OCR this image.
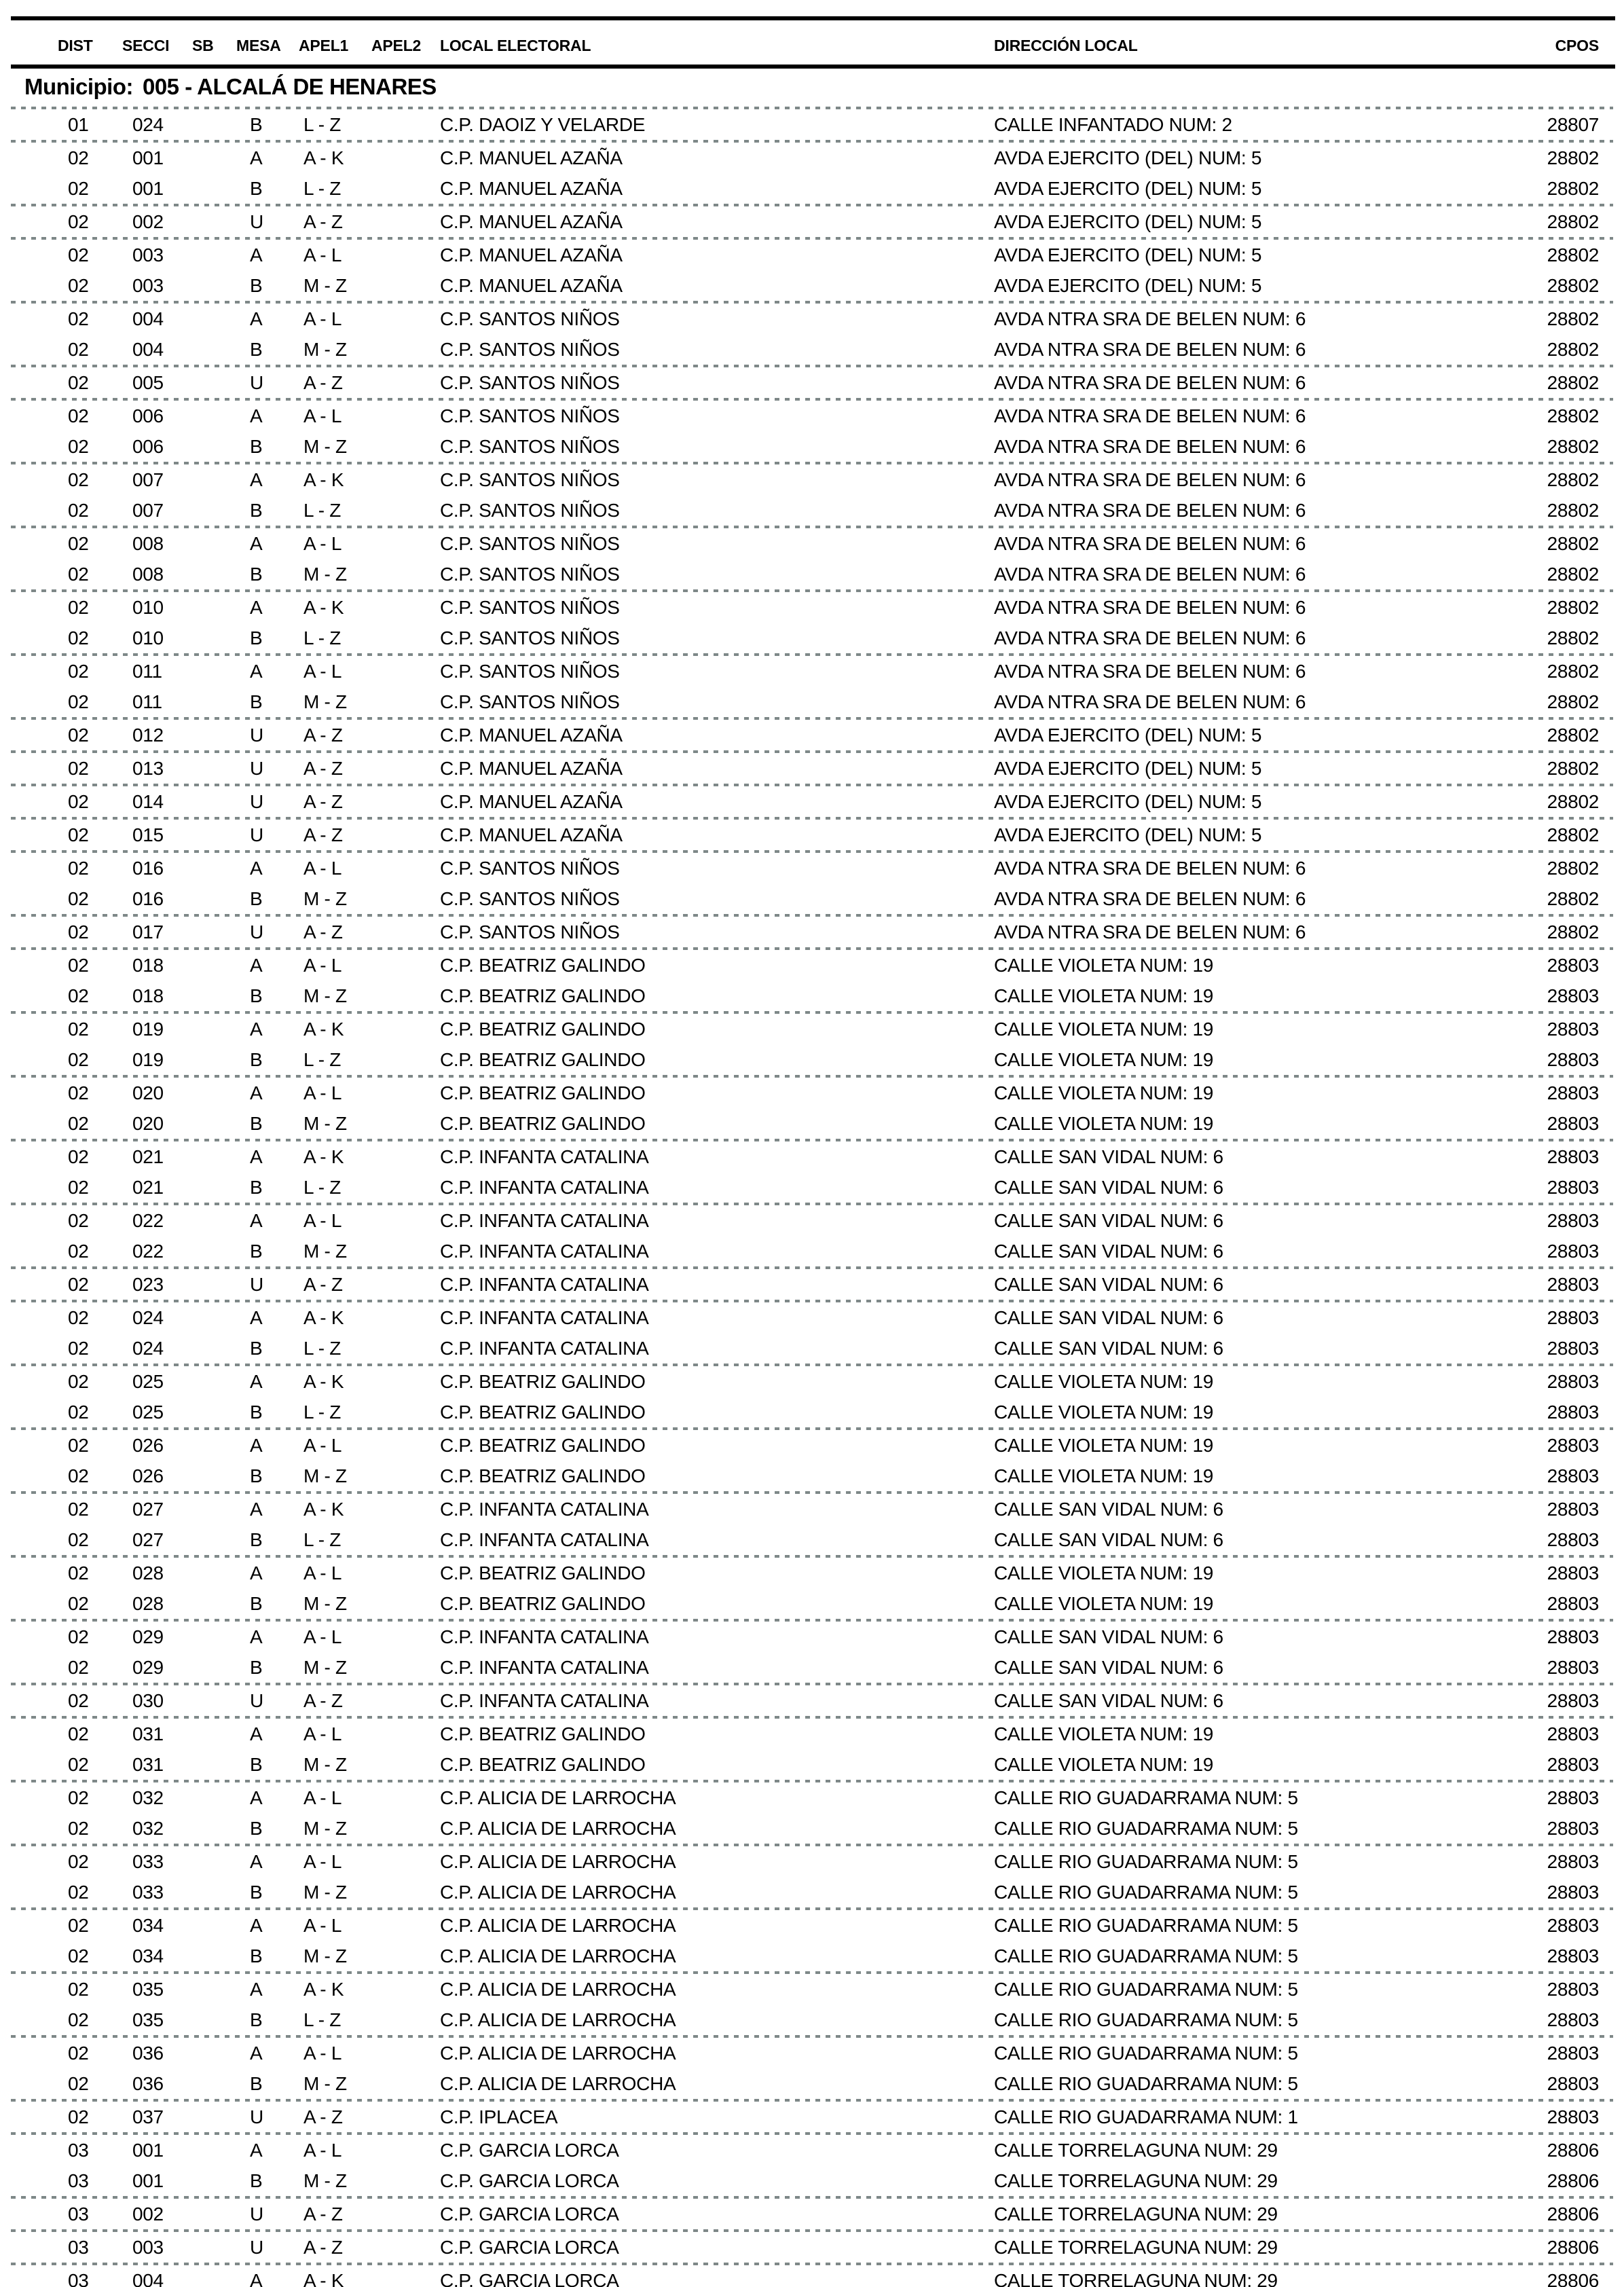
DIST SECCI SB MESA APEL1 APEL2 LOCAL ELECTORAL	DIRECCIÓN LOCAL	CPOS
Municipio: 005 - ALCALÁ DE HENARES
01	024	B	L - Z	C.P. DAOIZ Y VELARDE	CALLE INFANTADO NUM: 2	28807
02	001	A	A - K	C.P. MANUEL AZAÑA	AVDA EJERCITO (DEL) NUM: 5	28802
02	001	B	L - Z	C.P. MANUEL AZAÑA	AVDA EJERCITO (DEL) NUM: 5	28802
02	002	U	A - Z	C.P. MANUEL AZAÑA	AVDA EJERCITO (DEL) NUM: 5	28802
02	003	A	A - L	C.P. MANUEL AZAÑA	AVDA EJERCITO (DEL) NUM: 5	28802
02	003	B	M - Z	C.P. MANUEL AZAÑA	AVDA EJERCITO (DEL) NUM: 5	28802
02	004	A	A - L	C.P. SANTOS NIÑOS	AVDA NTRA SRA DE BELEN NUM: 6	28802
02	004	B	M - Z	C.P. SANTOS NIÑOS	AVDA NTRA SRA DE BELEN NUM: 6	28802
02	005	U	A - Z	C.P. SANTOS NIÑOS	AVDA NTRA SRA DE BELEN NUM: 6	28802
02	006	A	A - L	C.P. SANTOS NIÑOS	AVDA NTRA SRA DE BELEN NUM: 6	28802
02	006	B	M - Z	C.P. SANTOS NIÑOS	AVDA NTRA SRA DE BELEN NUM: 6	28802
02	007	A	A - K	C.P. SANTOS NIÑOS	AVDA NTRA SRA DE BELEN NUM: 6	28802
02	007	B	L - Z	C.P. SANTOS NIÑOS	AVDA NTRA SRA DE BELEN NUM: 6	28802
02	008	A	A - L	C.P. SANTOS NIÑOS	AVDA NTRA SRA DE BELEN NUM: 6	28802
02	008	B	M - Z	C.P. SANTOS NIÑOS	AVDA NTRA SRA DE BELEN NUM: 6	28802
02	010	A	A - K	C.P. SANTOS NIÑOS	AVDA NTRA SRA DE BELEN NUM: 6	28802
02	010	B	L - Z	C.P. SANTOS NIÑOS	AVDA NTRA SRA DE BELEN NUM: 6	28802
02	011	A	A - L	C.P. SANTOS NIÑOS	AVDA NTRA SRA DE BELEN NUM: 6	28802
02	011	B	M - Z	C.P. SANTOS NIÑOS	AVDA NTRA SRA DE BELEN NUM: 6	28802
02	012	U	A - Z	C.P. MANUEL AZAÑA	AVDA EJERCITO (DEL) NUM: 5	28802
02	013	U	A - Z	C.P. MANUEL AZAÑA	AVDA EJERCITO (DEL) NUM: 5	28802
02	014	U	A - Z	C.P. MANUEL AZAÑA	AVDA EJERCITO (DEL) NUM: 5	28802
02	015	U	A - Z	C.P. MANUEL AZAÑA	AVDA EJERCITO (DEL) NUM: 5	28802
02	016	A	A - L	C.P. SANTOS NIÑOS	AVDA NTRA SRA DE BELEN NUM: 6	28802
02	016	B	M - Z	C.P. SANTOS NIÑOS	AVDA NTRA SRA DE BELEN NUM: 6	28802
02	017	U	A - Z	C.P. SANTOS NIÑOS	AVDA NTRA SRA DE BELEN NUM: 6	28802
02	018	A	A - L	C.P. BEATRIZ GALINDO	CALLE VIOLETA NUM: 19	28803
02	018	B	M - Z	C.P. BEATRIZ GALINDO	CALLE VIOLETA NUM: 19	28803
02	019	A	A - K	C.P. BEATRIZ GALINDO	CALLE VIOLETA NUM: 19	28803
02	019	B	L - Z	C.P. BEATRIZ GALINDO	CALLE VIOLETA NUM: 19	28803
02	020	A	A - L	C.P. BEATRIZ GALINDO	CALLE VIOLETA NUM: 19	28803
02	020	B	M - Z	C.P. BEATRIZ GALINDO	CALLE VIOLETA NUM: 19	28803
02	021	A	A - K	C.P. INFANTA CATALINA	CALLE SAN VIDAL NUM: 6	28803
02	021	B	L - Z	C.P. INFANTA CATALINA	CALLE SAN VIDAL NUM: 6	28803
02	022	A	A - L	C.P. INFANTA CATALINA	CALLE SAN VIDAL NUM: 6	28803
02	022	B	M - Z	C.P. INFANTA CATALINA	CALLE SAN VIDAL NUM: 6	28803
02	023	U	A - Z	C.P. INFANTA CATALINA	CALLE SAN VIDAL NUM: 6	28803
02	024	A	A - K	C.P. INFANTA CATALINA	CALLE SAN VIDAL NUM: 6	28803
02	024	B	L - Z	C.P. INFANTA CATALINA	CALLE SAN VIDAL NUM: 6	28803
02	025	A	A - K	C.P. BEATRIZ GALINDO	CALLE VIOLETA NUM: 19	28803
02	025	B	L - Z	C.P. BEATRIZ GALINDO	CALLE VIOLETA NUM: 19	28803
02	026	A	A - L	C.P. BEATRIZ GALINDO	CALLE VIOLETA NUM: 19	28803
02	026	B	M - Z	C.P. BEATRIZ GALINDO	CALLE VIOLETA NUM: 19	28803
02	027	A	A - K	C.P. INFANTA CATALINA	CALLE SAN VIDAL NUM: 6	28803
02	027	B	L - Z	C.P. INFANTA CATALINA	CALLE SAN VIDAL NUM: 6	28803
02	028	A	A - L	C.P. BEATRIZ GALINDO	CALLE VIOLETA NUM: 19	28803
02	028	B	M - Z	C.P. BEATRIZ GALINDO	CALLE VIOLETA NUM: 19	28803
02	029	A	A - L	C.P. INFANTA CATALINA	CALLE SAN VIDAL NUM: 6	28803
02	029	B	M - Z	C.P. INFANTA CATALINA	CALLE SAN VIDAL NUM: 6	28803
02	030	U	A - Z	C.P. INFANTA CATALINA	CALLE SAN VIDAL NUM: 6	28803
02	031	A	A - L	C.P. BEATRIZ GALINDO	CALLE VIOLETA NUM: 19	28803
02	031	B	M - Z	C.P. BEATRIZ GALINDO	CALLE VIOLETA NUM: 19	28803
02	032	A	A - L	C.P. ALICIA DE LARROCHA	CALLE RIO GUADARRAMA NUM: 5	28803
02	032	B	M - Z	C.P. ALICIA DE LARROCHA	CALLE RIO GUADARRAMA NUM: 5	28803
02	033	A	A - L	C.P. ALICIA DE LARROCHA	CALLE RIO GUADARRAMA NUM: 5	28803
02	033	B	M - Z	C.P. ALICIA DE LARROCHA	CALLE RIO GUADARRAMA NUM: 5	28803
02	034	A	A - L	C.P. ALICIA DE LARROCHA	CALLE RIO GUADARRAMA NUM: 5	28803
02	034	B	M - Z	C.P. ALICIA DE LARROCHA	CALLE RIO GUADARRAMA NUM: 5	28803
02	035	A	A - K	C.P. ALICIA DE LARROCHA	CALLE RIO GUADARRAMA NUM: 5	28803
02	035	B	L - Z	C.P. ALICIA DE LARROCHA	CALLE RIO GUADARRAMA NUM: 5	28803
02	036	A	A - L	C.P. ALICIA DE LARROCHA	CALLE RIO GUADARRAMA NUM: 5	28803
02	036	B	M - Z	C.P. ALICIA DE LARROCHA	CALLE RIO GUADARRAMA NUM: 5	28803
02	037	U	A - Z	C.P. IPLACEA	CALLE RIO GUADARRAMA NUM: 1	28803
03	001	A	A - L	C.P. GARCIA LORCA	CALLE TORRELAGUNA NUM: 29	28806
03	001	B	M - Z	C.P. GARCIA LORCA	CALLE TORRELAGUNA NUM: 29	28806
03	002	U	A - Z	C.P. GARCIA LORCA	CALLE TORRELAGUNA NUM: 29	28806
03	003	U	A - Z	C.P. GARCIA LORCA	CALLE TORRELAGUNA NUM: 29	28806
03	004	A	A - K	C.P. GARCIA LORCA	CALLE TORRELAGUNA NUM: 29	28806
